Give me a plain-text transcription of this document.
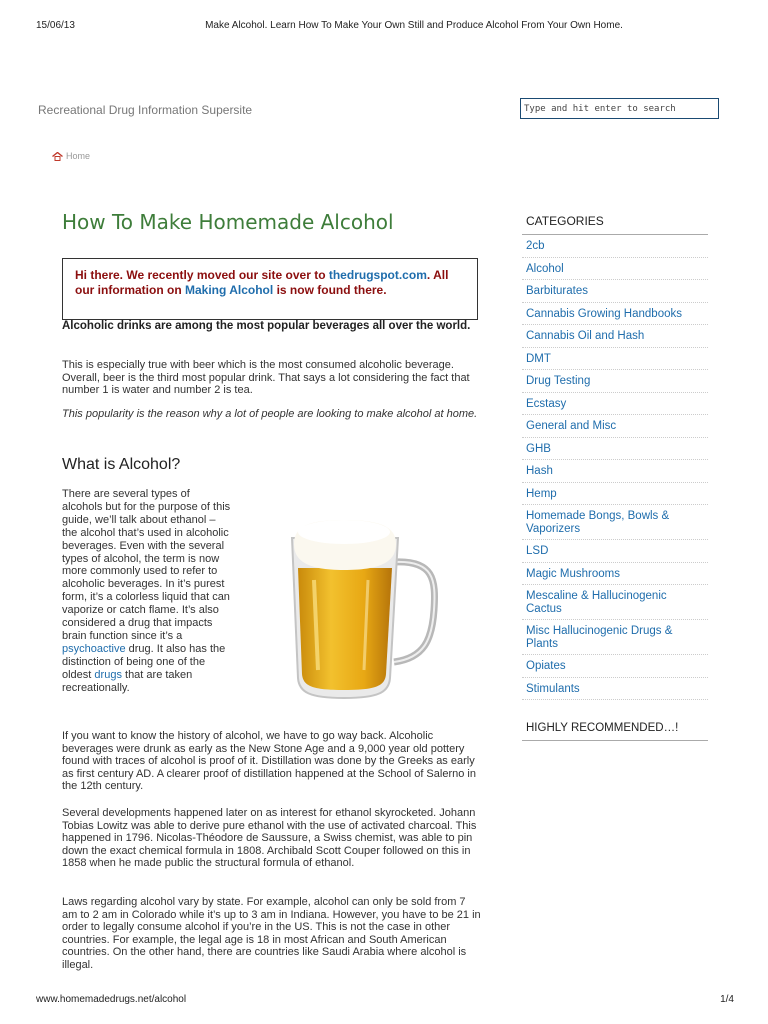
15/06/13	Make Alcohol. Learn How To Make Your Own Still and Produce Alcohol From Your Own Home.
Recreational Drug Information Supersite
Type and hit enter to search
Home
How To Make Homemade Alcohol
Hi there. We recently moved our site over to thedrugspot.com. All our information on Making Alcohol is now found there.
Alcoholic drinks are among the most popular beverages all over the world.
This is especially true with beer which is the most consumed alcoholic beverage. Overall, beer is the third most popular drink. That says a lot considering the fact that number 1 is water and number 2 is tea.
This popularity is the reason why a lot of people are looking to make alcohol at home.
What is Alcohol?
There are several types of alcohols but for the purpose of this guide, we’ll talk about ethanol – the alcohol that’s used in alcoholic beverages. Even with the several types of alcohol, the term is now more commonly used to refer to alcoholic beverages. In it’s purest form, it’s a colorless liquid that can vaporize or catch flame. It’s also considered a drug that impacts brain function since it’s a psychoactive drug. It also has the distinction of being one of the oldest drugs that are taken recreationally.
If you want to know the history of alcohol, we have to go way back. Alcoholic beverages were drunk as early as the New Stone Age and a 9,000 year old pottery found with traces of alcohol is proof of it. Distillation was done by the Greeks as early as first century AD. A clearer proof of distillation happened at the School of Salerno in the 12th century.
Several developments happened later on as interest for ethanol skyrocketed. Johann Tobias Lowitz was able to derive pure ethanol with the use of activated charcoal. This happened in 1796. Nicolas-Théodore de Saussure, a Swiss chemist, was able to pin down the exact chemical formula in 1808. Archibald Scott Couper followed on this in 1858 when he made public the structural formula of ethanol.
Laws regarding alcohol vary by state. For example, alcohol can only be sold from 7 am to 2 am in Colorado while it’s up to 3 am in Indiana. However, you have to be 21 in order to legally consume alcohol if you’re in the US. This is not the case in other countries. For example, the legal age is 18 in most African and South American countries. On the other hand, there are countries like Saudi Arabia where alcohol is illegal.
CATEGORIES
2cb
Alcohol
Barbiturates
Cannabis Growing Handbooks
Cannabis Oil and Hash
DMT
Drug Testing
Ecstasy
General and Misc
GHB
Hash
Hemp
Homemade Bongs, Bowls & Vaporizers
LSD
Magic Mushrooms
Mescaline & Hallucinogenic Cactus
Misc Hallucinogenic Drugs & Plants
Opiates
Stimulants
HIGHLY RECOMMENDED…!
www.homemadedrugs.net/alcohol	1/4
